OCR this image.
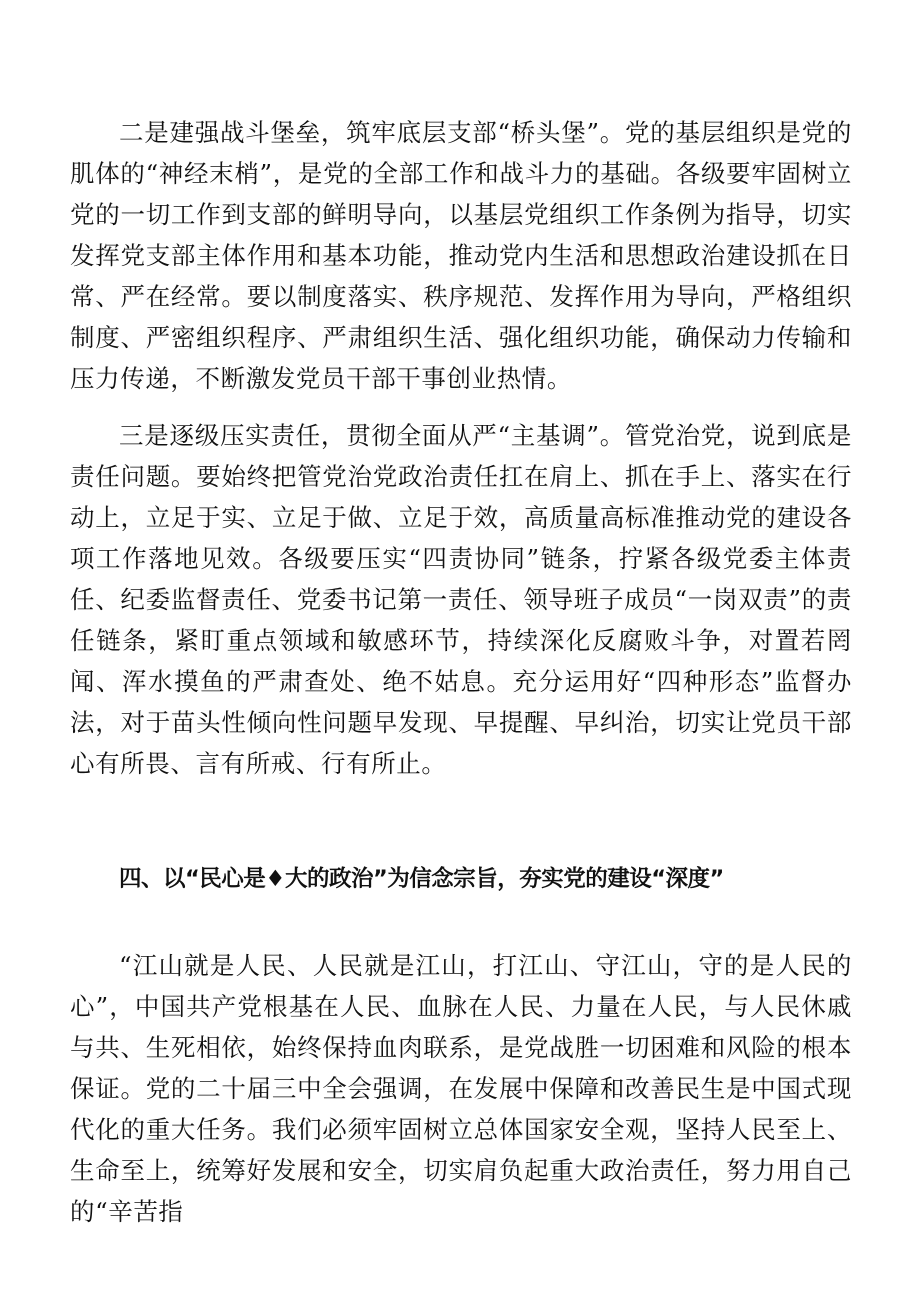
二是建强战斗堡垒，筑牢底层支部“桥头堡”。党的基层组织是党的肌体的“神经末梢”，是党的全部工作和战斗力的基础。各级要牢固树立党的一切工作到支部的鲜明导向，以基层党组织工作条例为指导，切实发挥党支部主体作用和基本功能，推动党内生活和思想政治建设抓在日常、严在经常。要以制度落实、秩序规范、发挥作用为导向，严格组织制度、严密组织程序、严肃组织生活、强化组织功能，确保动力传输和压力传递，不断激发党员干部干事创业热情。

三是逐级压实责任，贯彻全面从严“主基调”。管党治党，说到底是责任问题。要始终把管党治党政治责任扛在肩上、抓在手上、落实在行动上，立足于实、立足于做、立足于效，高质量高标准推动党的建设各项工作落地见效。各级要压实“四责协同”链条，拧紧各级党委主体责任、纪委监督责任、党委书记第一责任、领导班子成员“一岗双责”的责任链条，紧盯重点领域和敏感环节，持续深化反腐败斗争，对置若罔闻、浑水摸鱼的严肃查处、绝不姑息。充分运用好“四种形态”监督办法，对于苗头性倾向性问题早发现、早提醒、早纠治，切实让党员干部心有所畏、言有所戒、行有所止。

四、以“民心是♦大的政治”为信念宗旨，夯实党的建设“深度”

“江山就是人民、人民就是江山，打江山、守江山，守的是人民的心”，中国共产党根基在人民、血脉在人民、力量在人民，与人民休戚与共、生死相依，始终保持血肉联系，是党战胜一切困难和风险的根本保证。党的二十届三中全会强调，在发展中保障和改善民生是中国式现代化的重大任务。我们必须牢固树立总体国家安全观，坚持人民至上、生命至上，统筹好发展和安全，切实肩负起重大政治责任，努力用自己的“辛苦指
